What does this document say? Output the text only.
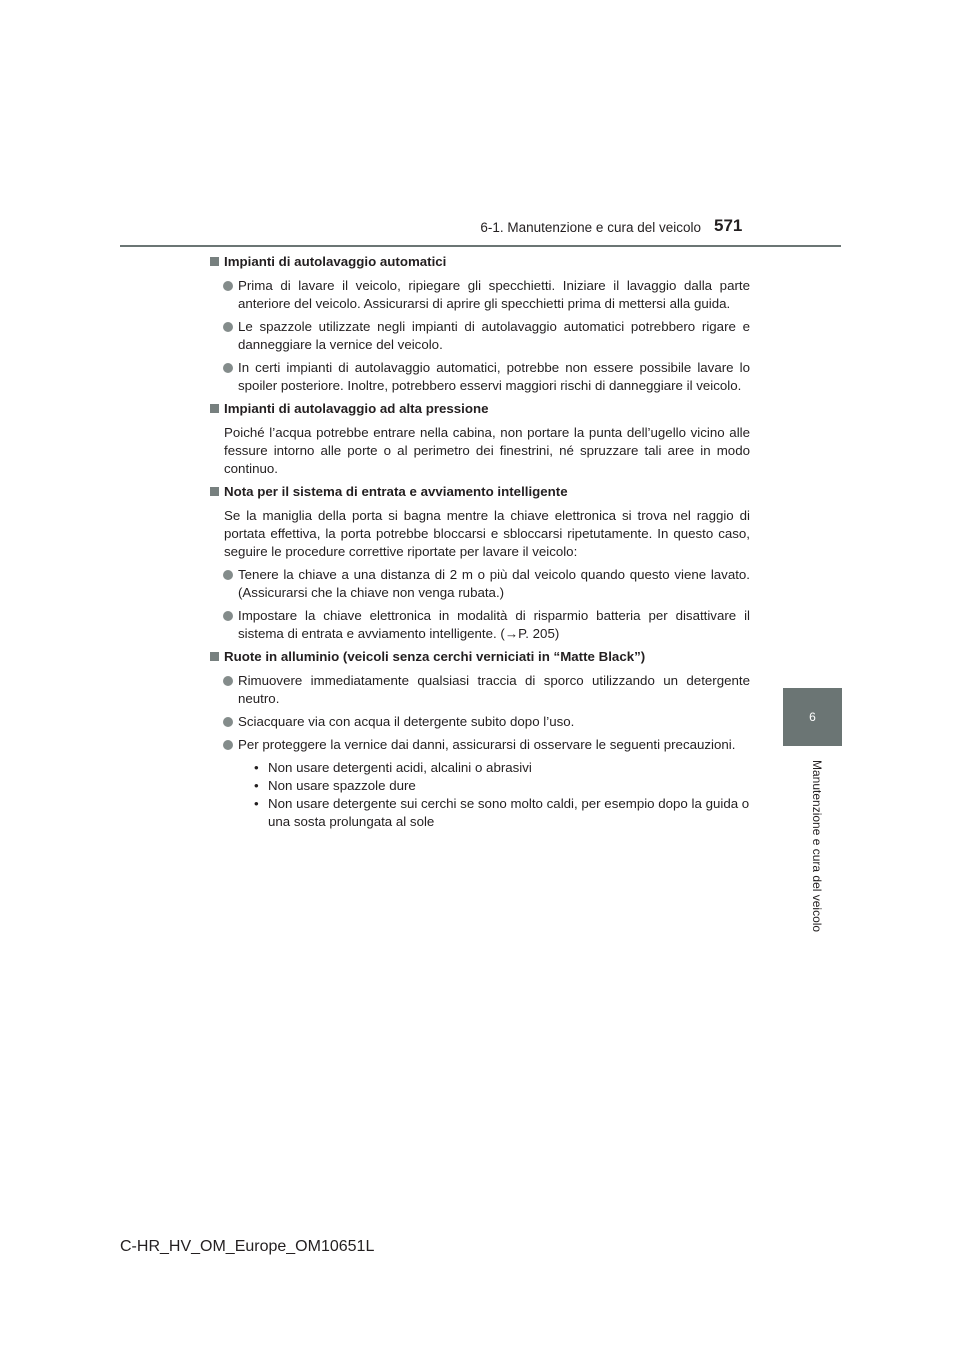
6-1. Manutenzione e cura del veicolo 571
6
Manutenzione e cura del veicolo
Impianti di autolavaggio automatici
Prima di lavare il veicolo, ripiegare gli specchietti. Iniziare il lavaggio dalla parte anteriore del veicolo. Assicurarsi di aprire gli specchietti prima di mettersi alla guida.
Le spazzole utilizzate negli impianti di autolavaggio automatici potrebbero rigare e danneggiare la vernice del veicolo.
In certi impianti di autolavaggio automatici, potrebbe non essere possibile lavare lo spoiler posteriore. Inoltre, potrebbero esservi maggiori rischi di danneggiare il veicolo.
Impianti di autolavaggio ad alta pressione
Poiché l’acqua potrebbe entrare nella cabina, non portare la punta dell’ugello vicino alle fessure intorno alle porte o al perimetro dei finestrini, né spruzzare tali aree in modo continuo.
Nota per il sistema di entrata e avviamento intelligente
Se la maniglia della porta si bagna mentre la chiave elettronica si trova nel raggio di portata effettiva, la porta potrebbe bloccarsi e sbloccarsi ripetutamente. In questo caso, seguire le procedure correttive riportate per lavare il veicolo:
Tenere la chiave a una distanza di 2 m o più dal veicolo quando questo viene lavato. (Assicurarsi che la chiave non venga rubata.)
Impostare la chiave elettronica in modalità di risparmio batteria per disattivare il sistema di entrata e avviamento intelligente. (→P. 205)
Ruote in alluminio (veicoli senza cerchi verniciati in “Matte Black”)
Rimuovere immediatamente qualsiasi traccia di sporco utilizzando un detergente neutro.
Sciacquare via con acqua il detergente subito dopo l’uso.
Per proteggere la vernice dai danni, assicurarsi di osservare le seguenti precauzioni.
• Non usare detergenti acidi, alcalini o abrasivi
• Non usare spazzole dure
• Non usare detergente sui cerchi se sono molto caldi, per esempio dopo la guida o una sosta prolungata al sole
C-HR_HV_OM_Europe_OM10651L
